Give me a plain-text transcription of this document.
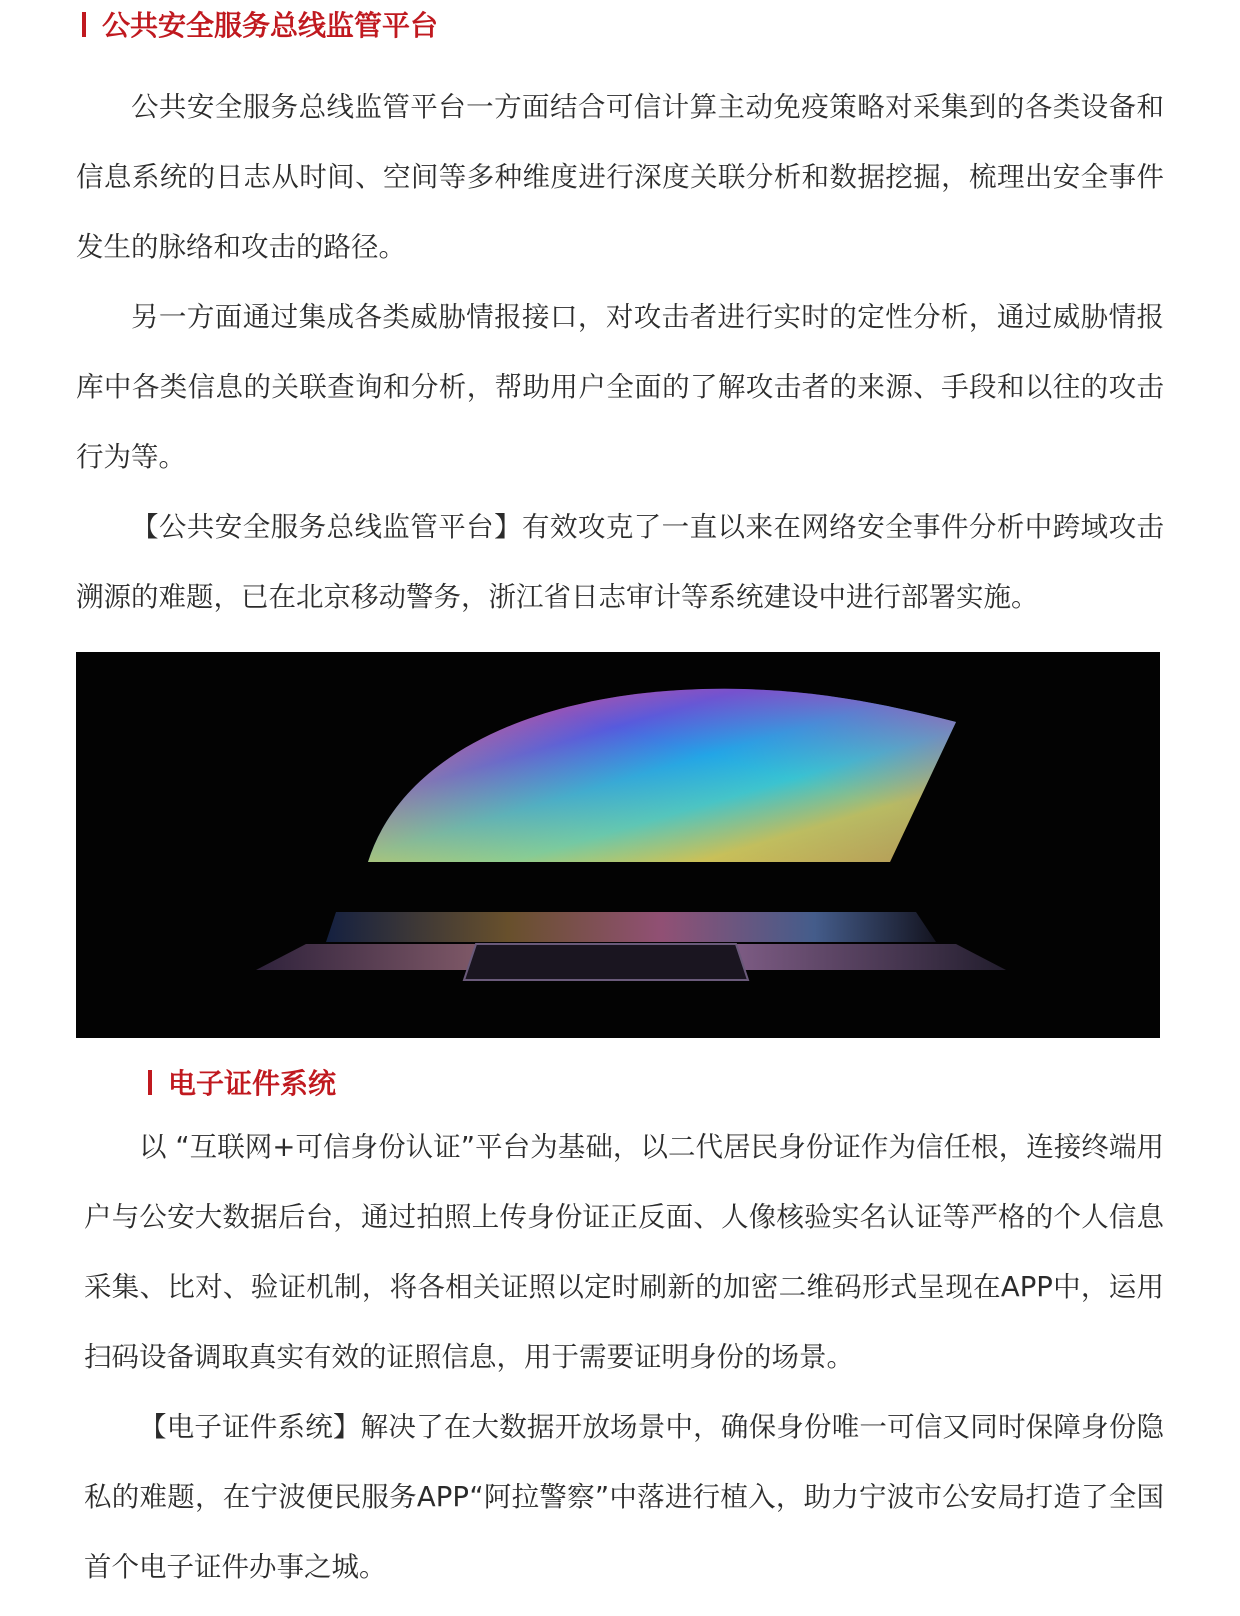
公共安全服务总线监管平台

公共安全服务总线监管平台一方面结合可信计算主动免疫策略对采集到的各类设备和信息系统的日志从时间、空间等多种维度进行深度关联分析和数据挖掘，梳理出安全事件发生的脉络和攻击的路径。

另一方面通过集成各类威胁情报接口，对攻击者进行实时的定性分析，通过威胁情报库中各类信息的关联查询和分析，帮助用户全面的了解攻击者的来源、手段和以往的攻击行为等。

【公共安全服务总线监管平台】有效攻克了一直以来在网络安全事件分析中跨域攻击溯源的难题，已在北京移动警务，浙江省日志审计等系统建设中进行部署实施。

电子证件系统

以 “互联网+可信身份认证”平台为基础，以二代居民身份证作为信任根，连接终端用户与公安大数据后台，通过拍照上传身份证正反面、人像核验实名认证等严格的个人信息采集、比对、验证机制，将各相关证照以定时刷新的加密二维码形式呈现在APP中，运用扫码设备调取真实有效的证照信息，用于需要证明身份的场景。

【电子证件系统】解决了在大数据开放场景中，确保身份唯一可信又同时保障身份隐私的难题，在宁波便民服务APP“阿拉警察”中落进行植入，助力宁波市公安局打造了全国首个电子证件办事之城。
